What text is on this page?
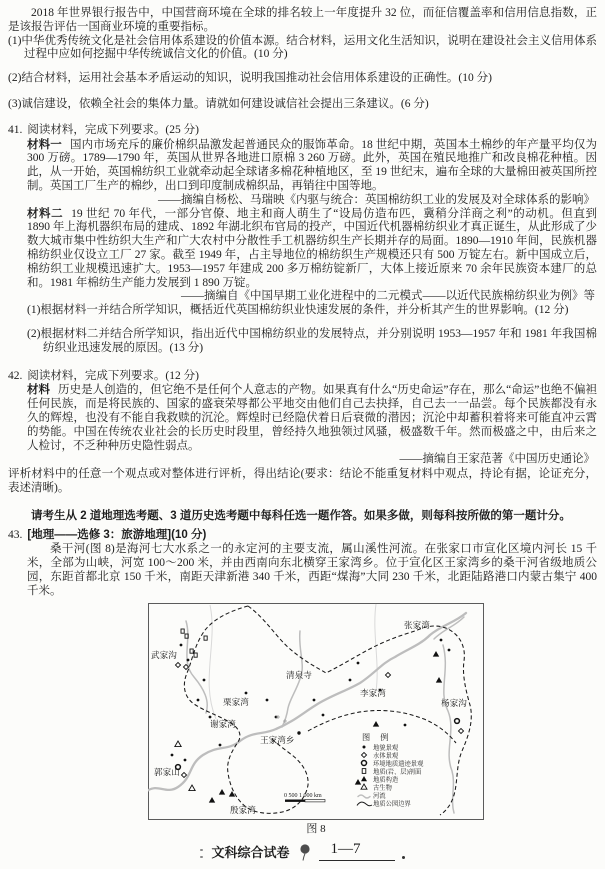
2018 年世界银行报告中，中国营商环境在全球的排名较上一年度提升 32 位，而征信覆盖率和信用信息指数，正是该报告评估一国商业环境的重要指标。

(1)中华优秀传统文化是社会信用体系建设的价值本源。结合材料，运用文化生活知识，说明在建设社会主义信用体系过程中应如何挖掘中华传统诚信文化的价值。(10 分)

(2)结合材料，运用社会基本矛盾运动的知识，说明我国推动社会信用体系建设的正确性。(10 分)

(3)诚信建设，依赖全社会的集体力量。请就如何建设诚信社会提出三条建议。(6 分)

41. 阅读材料，完成下列要求。(25 分)

材料一 国内市场充斥的廉价棉织品激发起普通民众的服饰革命。18 世纪中期，英国本土棉纱的年产量平均仅为 300 万磅。1789—1790 年，英国从世界各地进口原棉 3 260 万磅。此外，英国在殖民地推广和改良棉花种植。因此，从一开始，英国棉纺织工业就牵动起全球诸多棉花种植地区，至 19 世纪末，遍布全球的大量棉田被英国所控制。英国工厂生产的棉纱，出口到印度制成棉织品，再销往中国等地。

——摘编自杨松、马瑞映《内驱与统合：英国棉纺织工业的发展及对全球体系的影响》

材料二 19 世纪 70 年代，一部分官僚、地主和商人萌生了“设局仿造布匹，冀稍分洋商之利”的动机。但直到 1890 年上海机器织布局的建成、1892 年湖北织布官局的投产，中国近代机器棉纺织业才真正诞生，从此形成了少数大城市集中性纺织大生产和广大农村中分散性手工机器纺织生产长期并存的局面。1890—1910 年间，民族机器棉纺织业仅设立工厂 27 家。截至 1949 年，占主导地位的棉纺织生产规模还只有 500 万锭左右。新中国成立后，棉纺织工业规模迅速扩大。1953—1957 年建成 200 多万棉纺锭新厂，大体上接近原来 70 余年民族资本建厂的总和。1981 年棉纺生产能力发展到 1 890 万锭。

——摘编自《中国早期工业化进程中的二元模式——以近代民族棉纺织业为例》等

(1)根据材料一并结合所学知识，概括近代英国棉纺织业快速发展的条件，并分析其产生的世界影响。(12 分)

(2)根据材料二并结合所学知识，指出近代中国棉纺织业的发展特点，并分别说明 1953—1957 年和 1981 年我国棉纺织业迅速发展的原因。(13 分)

42. 阅读材料，完成下列要求。(12 分)

材料 历史是人创造的，但它绝不是任何个人意志的产物。如果真有什么“历史命运”存在，那么“命运”也绝不偏袒任何民族，而是将民族的、国家的盛衰荣辱都公平地交由他们自己去抉择，自己去一一品尝。每个民族都没有永久的辉煌，也没有不能自我救赎的沉沦。辉煌时已经隐伏着日后衰微的潜因；沉沦中却蓄积着将来可能直冲云霄的势能。中国在传统农业社会的长历史时段里，曾经持久地独领过风骚，极盛数千年。然而极盛之中，由后来之人检讨，不乏种种历史隐性弱点。

——摘编自王家范著《中国历史通论》

评析材料中的任意一个观点或对整体进行评析，得出结论(要求：结论不能重复材料中观点，持论有据，论证充分，表述清晰)。

请考生从 2 道地理选考题、3 道历史选考题中每科任选一题作答。如果多做，则每科按所做的第一题计分。

43. [地理——选修 3：旅游地理](10 分)

桑干河(图 8)是海河七大水系之一的永定河的主要支流，属山溪性河流。在张家口市宣化区境内河长 15 千米，全部为山峡，河宽 100～200 米，并由西南向东北横穿王家湾乡。位于宣化区王家湾乡的桑干河省级地质公园，东距首都北京 150 千米，南距天津新港 340 千米，西距“煤海”大同 230 千米，北距陆路港口内蒙古集宁 400 千米。

武家沟
清泉寺
栗家湾
谢家湾
王家湾乡
李家湾
张家湾
杨家沟
郭家山
殷家湾
图 例
地貌景观
水体景观
环境地质遗迹景观
地质(岩、层)剖面
地质构造
古生物
河流
地质公园边界
0 500 1 000 km
图 8
文科综合试卷	1—7
